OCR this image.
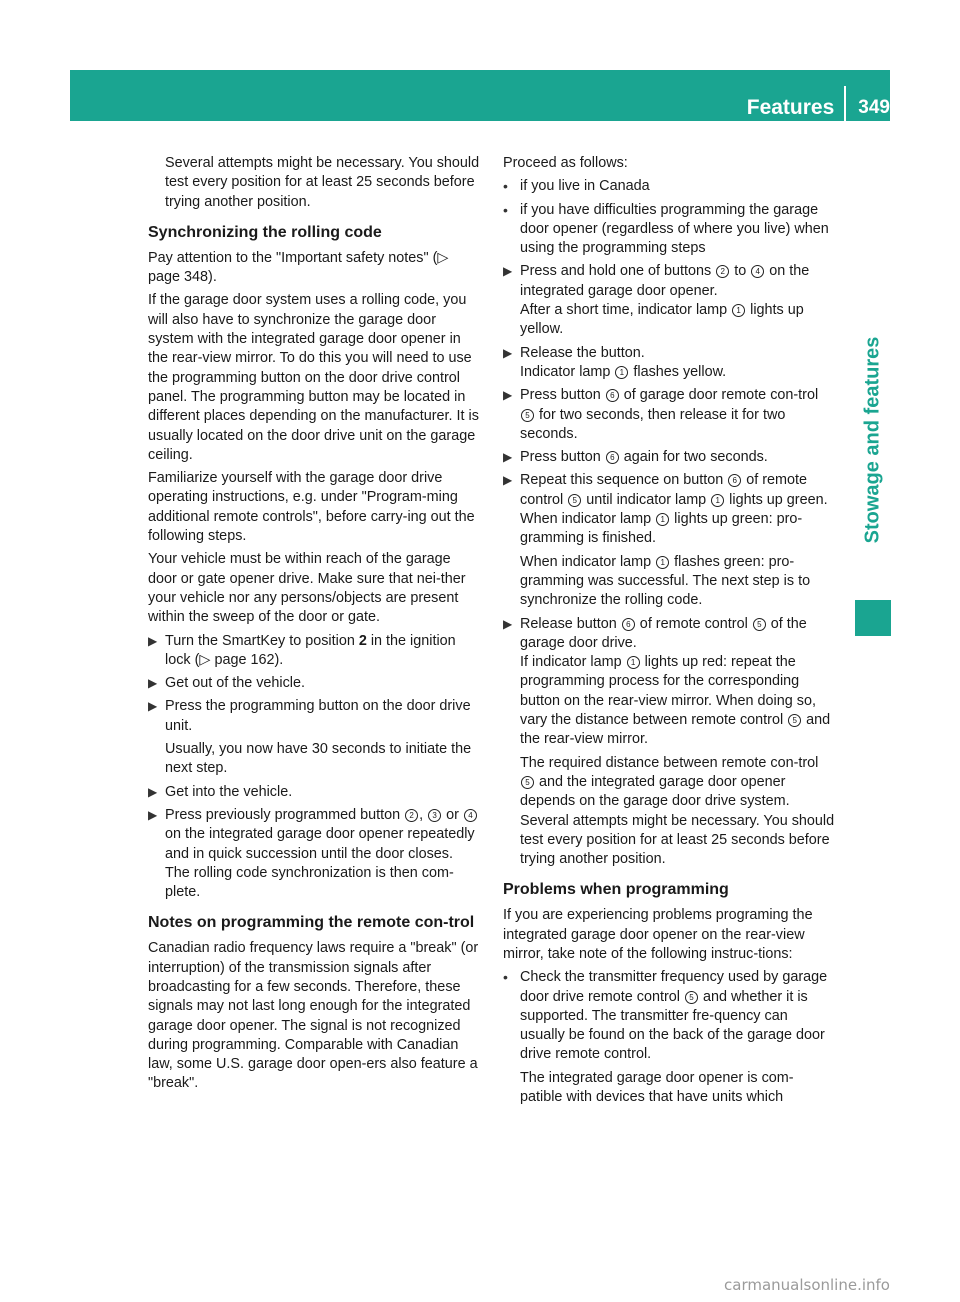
Features 349
Stowage and features

Several attempts might be necessary. You should test every position for at least 25 seconds before trying another position.

Synchronizing the rolling code

Pay attention to the "Important safety notes" (▷ page 348).

If the garage door system uses a rolling code, you will also have to synchronize the garage door system with the integrated garage door opener in the rear-view mirror. To do this you will need to use the programming button on the door drive control panel. The programming button may be located in different places depending on the manufacturer. It is usually located on the door drive unit on the garage ceiling.

Familiarize yourself with the garage door drive operating instructions, e.g. under "Program-ming additional remote controls", before carry-ing out the following steps.

Your vehicle must be within reach of the garage door or gate opener drive. Make sure that nei-ther your vehicle nor any persons/objects are present within the sweep of the door or gate.

▶ Turn the SmartKey to position 2 in the ignition lock (▷ page 162).
▶ Get out of the vehicle.
▶ Press the programming button on the door drive unit.

Usually, you now have 30 seconds to initiate the next step.

▶ Get into the vehicle.
▶ Press previously programmed button 2 , 3 or 4 on the integrated garage door opener repeatedly and in quick succession until the door closes.
The rolling code synchronization is then com-plete.
Notes on programming the remote con-trol

Canadian radio frequency laws require a "break" (or interruption) of the transmission signals after broadcasting for a few seconds. Therefore, these signals may not last long enough for the integrated garage door opener. The signal is not recognized during programming. Comparable with Canadian law, some U.S. garage door open-ers also feature a "break".

Proceed as follows:

• if you live in Canada
• if you have difficulties programming the garage door opener (regardless of where you live) when using the programming steps
▶ Press and hold one of buttons 2 to 4 on the integrated garage door opener.
After a short time, indicator lamp 1 lights up yellow.
▶ Release the button.
Indicator lamp 1 flashes yellow.
▶ Press button 6 of garage door remote con-trol 5 for two seconds, then release it for two seconds.
▶ Press button 6 again for two seconds.
▶ Repeat this sequence on button 6 of remote control 5 until indicator lamp 1 lights up green.
When indicator lamp 1 lights up green: pro-gramming is finished.
When indicator lamp 1 flashes green: pro-gramming was successful. The next step is to synchronize the rolling code.
▶ Release button 6 of remote control 5 of the garage door drive.
If indicator lamp 1 lights up red: repeat the programming process for the corresponding button on the rear-view mirror. When doing so, vary the distance between remote control 5 and the rear-view mirror.
The required distance between remote con-trol 5 and the integrated garage door opener depends on the garage door drive system.
Several attempts might be necessary. You should test every position for at least 25 seconds before trying another position.
Problems when programming

If you are experiencing problems programing the integrated garage door opener on the rear-view mirror, take note of the following instruc-tions:

• Check the transmitter frequency used by garage door drive remote control 5 and whether it is supported. The transmitter fre-quency can usually be found on the back of the garage door drive remote control.
The integrated garage door opener is com-patible with devices that have units which
carmanualsonline.info
